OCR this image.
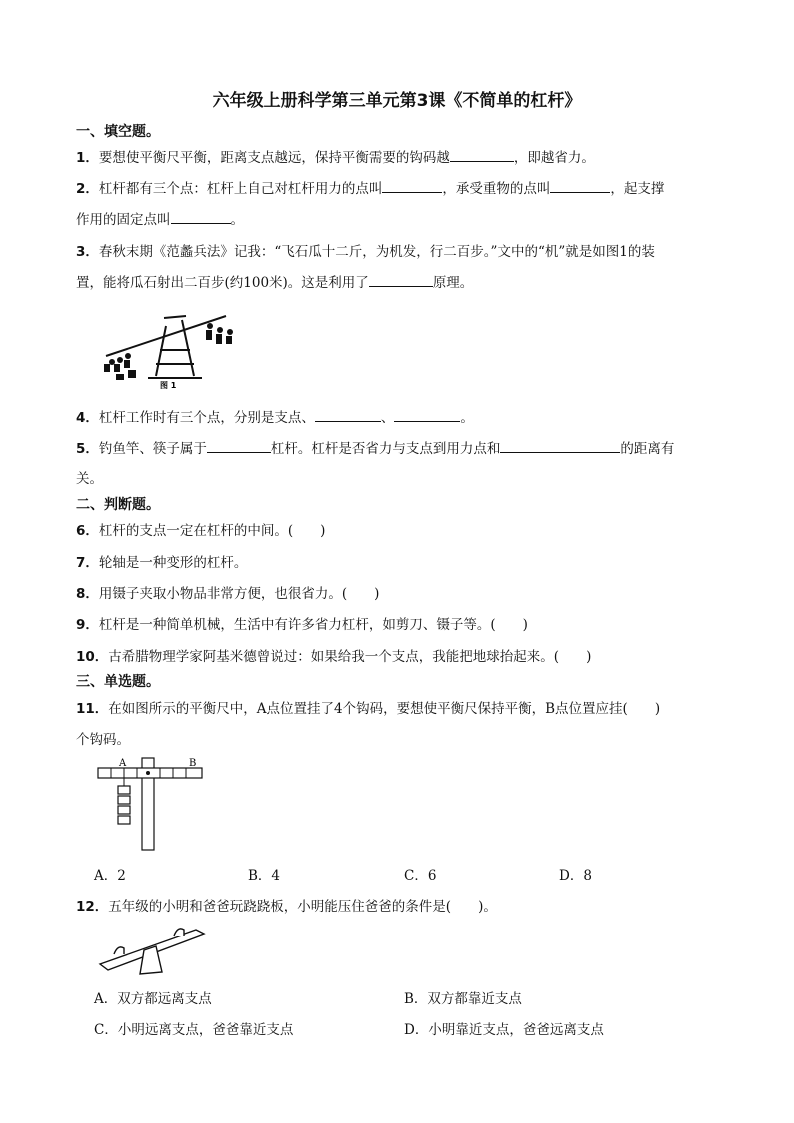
六年级上册科学第三单元第3课《不简单的杠杆》
一、填空题。
1．要想使平衡尺平衡，距离支点越远，保持平衡需要的钩码越	，即越省力。
2．杠杆都有三个点：杠杆上自己对杠杆用力的点叫	，承受重物的点叫	，起支撑
作用的固定点叫	。
3．春秋末期《范蠡兵法》记我：“飞石瓜十二斤，为机发，行二百步。”文中的“机”就是如图1的装
置，能将瓜石射出二百步(约100米)。这是利用了	原理。
图 1
4．杠杆工作时有三个点，分别是支点、	、	。
5．钓鱼竿、筷子属于	杠杆。杠杆是否省力与支点到用力点和	的距离有
关。
二、判断题。
6．杠杆的支点一定在杠杆的中间。(　　)
7．轮轴是一种变形的杠杆。
8．用镊子夹取小物品非常方便，也很省力。(　　)
9．杠杆是一种简单机械，生活中有许多省力杠杆，如剪刀、镊子等。(　　)
10．古希腊物理学家阿基米德曾说过：如果给我一个支点，我能把地球抬起来。(　　)
三、单选题。
11．在如图所示的平衡尺中，A点位置挂了4个钩码，要想使平衡尺保持平衡，B点位置应挂(　　)
个钩码。
A	B
A．2	B．4	C．6	D．8
12．五年级的小明和爸爸玩跷跷板，小明能压住爸爸的条件是(　　)。
A．双方都远离支点	B．双方都靠近支点
C．小明远离支点，爸爸靠近支点	D．小明靠近支点，爸爸远离支点
